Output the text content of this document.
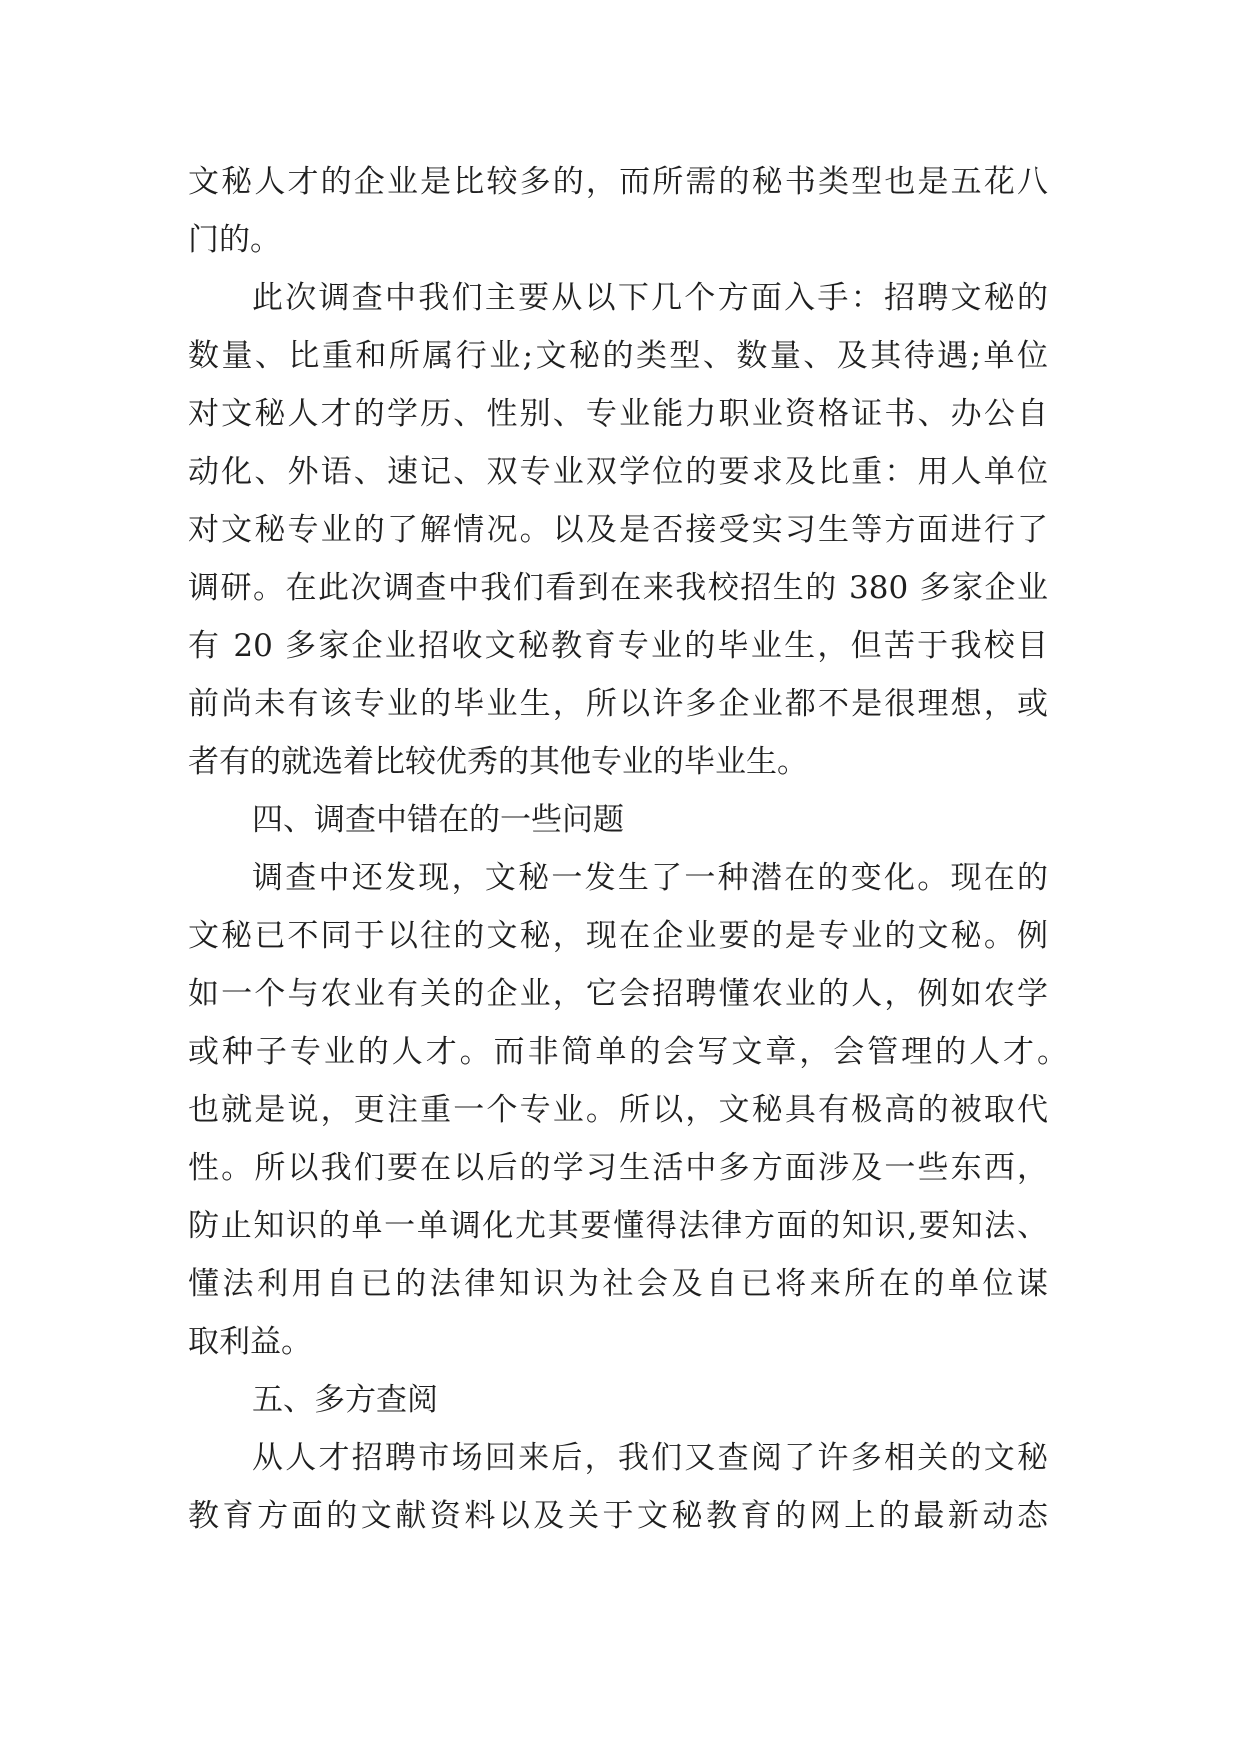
文秘人才的企业是比较多的，而所需的秘书类型也是五花八
门的。
此次调查中我们主要从以下几个方面入手：招聘文秘的
数量、比重和所属行业;文秘的类型、数量、及其待遇;单位
对文秘人才的学历、性别、专业能力职业资格证书、办公自
动化、外语、速记、双专业双学位的要求及比重：用人单位
对文秘专业的了解情况。以及是否接受实习生等方面进行了
调研。在此次调查中我们看到在来我校招生的 380 多家企业
有 20 多家企业招收文秘教育专业的毕业生，但苦于我校目
前尚未有该专业的毕业生，所以许多企业都不是很理想，或
者有的就选着比较优秀的其他专业的毕业生。
四、调查中错在的一些问题
调查中还发现，文秘一发生了一种潜在的变化。现在的
文秘已不同于以往的文秘，现在企业要的是专业的文秘。例
如一个与农业有关的企业，它会招聘懂农业的人，例如农学
或种子专业的人才。而非简单的会写文章，会管理的人才。
也就是说，更注重一个专业。所以，文秘具有极高的被取代
性。所以我们要在以后的学习生活中多方面涉及一些东西，
防止知识的单一单调化尤其要懂得法律方面的知识,要知法、
懂法利用自已的法律知识为社会及自已将来所在的单位谋
取利益。
五、多方查阅
从人才招聘市场回来后，我们又查阅了许多相关的文秘
教育方面的文献资料以及关于文秘教育的网上的最新动态
